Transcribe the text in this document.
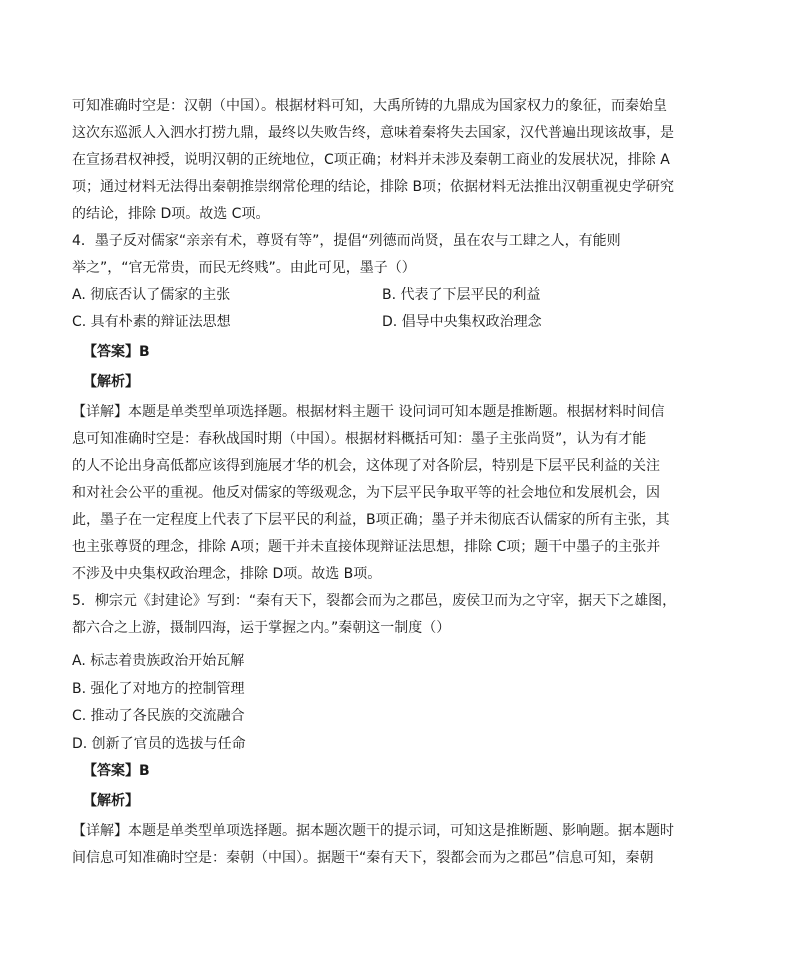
可知准确时空是：汉朝（中国）。根据材料可知，大禹所铸的九鼎成为国家权力的象征，而秦始皇
这次东巡派人入泗水打捞九鼎，最终以失败告终，意味着秦将失去国家，汉代普遍出现该故事，是
在宣扬君权神授，说明汉朝的正统地位，C项正确；材料并未涉及秦朝工商业的发展状况，排除 A
项；通过材料无法得出秦朝推崇纲常伦理的结论，排除 B项；依据材料无法推出汉朝重视史学研究
的结论，排除 D项。故选 C项。
4．墨子反对儒家“亲亲有术，尊贤有等”，提倡“列德而尚贤，虽在农与工肆之人，有能则
举之”，“官无常贵，而民无终贱”。由此可见，墨子（）
A. 彻底否认了儒家的主张	B. 代表了下层平民的利益
C. 具有朴素的辩证法思想	D. 倡导中央集权政治理念
【答案】B
【解析】
【详解】本题是单类型单项选择题。根据材料主题干 设问词可知本题是推断题。根据材料时间信
息可知准确时空是：春秋战国时期（中国）。根据材料概括可知：墨子主张尚贤”，认为有才能
的人不论出身高低都应该得到施展才华的机会，这体现了对各阶层，特别是下层平民利益的关注
和对社会公平的重视。他反对儒家的等级观念，为下层平民争取平等的社会地位和发展机会，因
此，墨子在一定程度上代表了下层平民的利益，B项正确；墨子并未彻底否认儒家的所有主张，其
也主张尊贤的理念，排除 A项；题干并未直接体现辩证法思想，排除 C项；题干中墨子的主张并
不涉及中央集权政治理念，排除 D项。故选 B项。
5．柳宗元《封建论》写到：“秦有天下，裂都会而为之郡邑，废侯卫而为之守宰，据天下之雄图，
都六合之上游，摄制四海，运于掌握之内。”秦朝这一制度（）
A. 标志着贵族政治开始瓦解
B. 强化了对地方的控制管理
C. 推动了各民族的交流融合
D. 创新了官员的选拔与任命
【答案】B
【解析】
【详解】本题是单类型单项选择题。据本题次题干的提示词，可知这是推断题、影响题。据本题时
间信息可知准确时空是：秦朝（中国）。据题干“秦有天下，裂都会而为之郡邑”信息可知，秦朝
